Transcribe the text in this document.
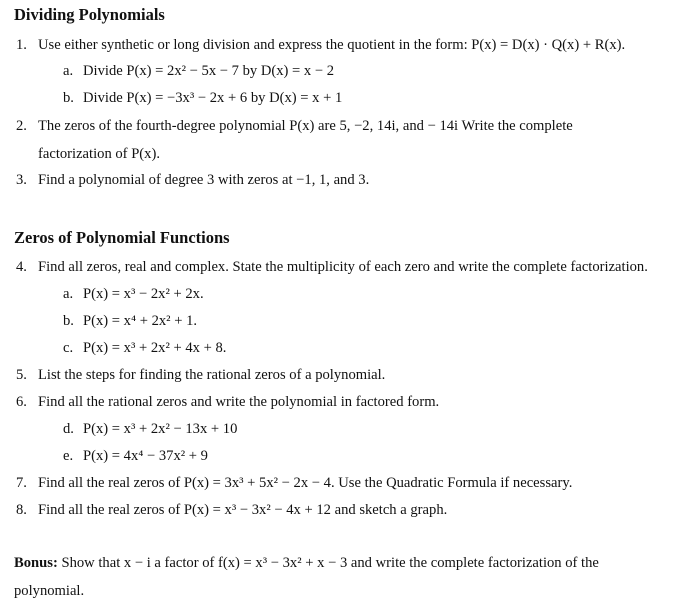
Dividing Polynomials
1. Use either synthetic or long division and express the quotient in the form: P(x) = D(x) · Q(x) + R(x).
a. Divide P(x) = 2x² − 5x − 7 by D(x) = x − 2
b. Divide P(x) = −3x³ − 2x + 6 by D(x) = x + 1
2. The zeros of the fourth-degree polynomial P(x) are 5, −2, 14i, and − 14i Write the complete
factorization of P(x).
3. Find a polynomial of degree 3 with zeros at −1, 1, and 3.
Zeros of Polynomial Functions
4. Find all zeros, real and complex. State the multiplicity of each zero and write the complete factorization.
a. P(x) = x³ − 2x² + 2x.
b. P(x) = x⁴ + 2x² + 1.
c. P(x) = x³ + 2x² + 4x + 8.
5. List the steps for finding the rational zeros of a polynomial.
6. Find all the rational zeros and write the polynomial in factored form.
d. P(x) = x³ + 2x² − 13x + 10
e. P(x) = 4x⁴ − 37x² + 9
7. Find all the real zeros of P(x) = 3x³ + 5x² − 2x − 4. Use the Quadratic Formula if necessary.
8. Find all the real zeros of P(x) = x³ − 3x² − 4x + 12 and sketch a graph.
Bonus: Show that x − i a factor of f(x) = x³ − 3x² + x − 3 and write the complete factorization of the
polynomial.
